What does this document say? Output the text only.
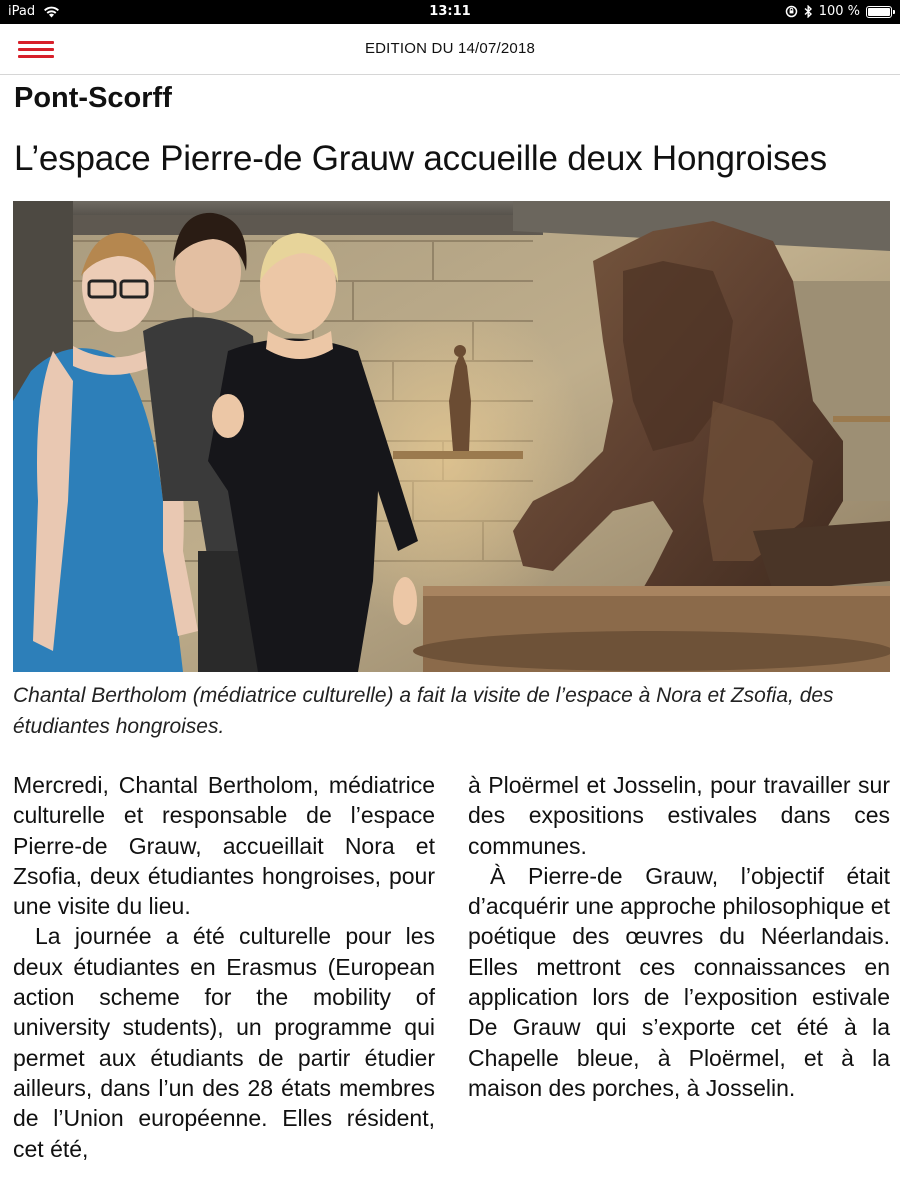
iPad	13:11	100 %
EDITION DU 14/07/2018
Pont-Scorff
L’espace Pierre-de Grauw accueille deux Hongroises
Chantal Bertholom (médiatrice culturelle) a fait la visite de l’espace à Nora et Zsofia, des étudiantes hongroises.

Mercredi, Chantal Bertholom, médiatrice culturelle et responsable de l’espace Pierre-de Grauw, accueillait Nora et Zsofia, deux étudiantes hongroises, pour une visite du lieu.

La journée a été culturelle pour les deux étudiantes en Erasmus (European action scheme for the mobility of university students), un programme qui permet aux étudiants de partir étudier ailleurs, dans l’un des 28 états membres de l’Union européenne. Elles résident, cet été,

à Ploërmel et Josselin, pour travailler sur des expositions estivales dans ces communes.

À Pierre-de Grauw, l’objectif était d’acquérir une approche philosophique et poétique des œuvres du Néerlandais. Elles mettront ces connaissances en application lors de l’exposition estivale De Grauw qui s’exporte cet été à la Chapelle bleue, à Ploërmel, et à la maison des porches, à Josselin.
